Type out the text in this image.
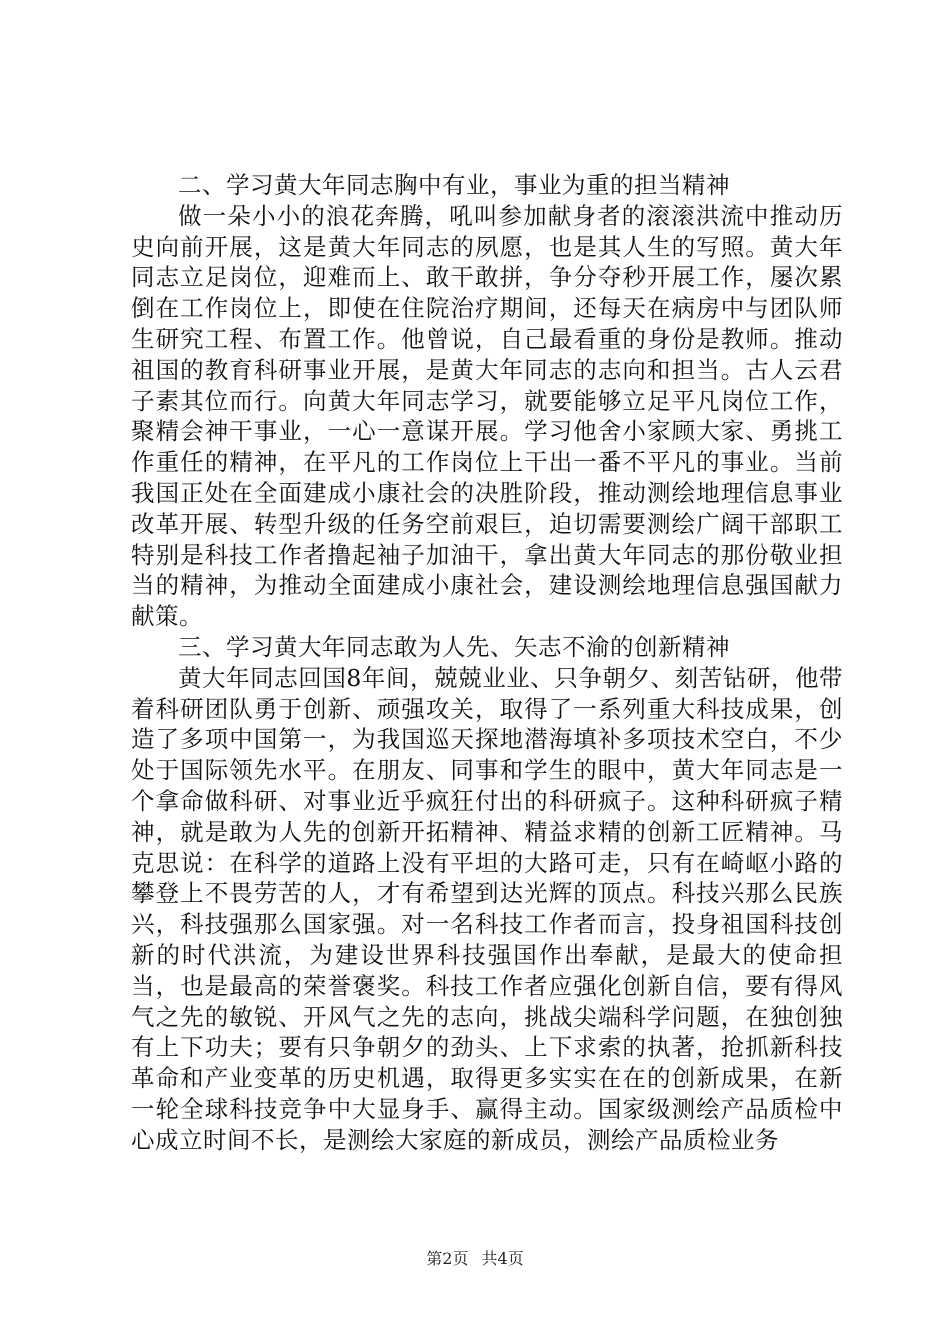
二、学习黄大年同志胸中有业，事业为重的担当精神

做一朵小小的浪花奔腾，吼叫参加献身者的滚滚洪流中推动历史向前开展，这是黄大年同志的夙愿，也是其人生的写照。黄大年同志立足岗位，迎难而上、敢干敢拼，争分夺秒开展工作，屡次累倒在工作岗位上，即使在住院治疗期间，还每天在病房中与团队师生研究工程、布置工作。他曾说，自己最看重的身份是教师。推动祖国的教育科研事业开展，是黄大年同志的志向和担当。古人云君子素其位而行。向黄大年同志学习，就要能够立足平凡岗位工作，聚精会神干事业，一心一意谋开展。学习他舍小家顾大家、勇挑工作重任的精神，在平凡的工作岗位上干出一番不平凡的事业。当前我国正处在全面建成小康社会的决胜阶段，推动测绘地理信息事业改革开展、转型升级的任务空前艰巨，迫切需要测绘广阔干部职工特别是科技工作者撸起袖子加油干，拿出黄大年同志的那份敬业担当的精神，为推动全面建成小康社会，建设测绘地理信息强国献力献策。

三、学习黄大年同志敢为人先、矢志不渝的创新精神

黄大年同志回国8年间，兢兢业业、只争朝夕、刻苦钻研，他带着科研团队勇于创新、顽强攻关，取得了一系列重大科技成果，创造了多项中国第一，为我国巡天探地潜海填补多项技术空白，不少处于国际领先水平。在朋友、同事和学生的眼中，黄大年同志是一个拿命做科研、对事业近乎疯狂付出的科研疯子。这种科研疯子精神，就是敢为人先的创新开拓精神、精益求精的创新工匠精神。马克思说：在科学的道路上没有平坦的大路可走，只有在崎岖小路的攀登上不畏劳苦的人，才有希望到达光辉的顶点。科技兴那么民族兴，科技强那么国家强。对一名科技工作者而言，投身祖国科技创新的时代洪流，为建设世界科技强国作出奉献，是最大的使命担当，也是最高的荣誉褒奖。科技工作者应强化创新自信，要有得风气之先的敏锐、开风气之先的志向，挑战尖端科学问题，在独创独有上下功夫；要有只争朝夕的劲头、上下求索的执著，抢抓新科技革命和产业变革的历史机遇，取得更多实实在在的创新成果，在新一轮全球科技竞争中大显身手、赢得主动。国家级测绘产品质检中心成立时间不长，是测绘大家庭的新成员，测绘产品质检业务

第2页 共4页
